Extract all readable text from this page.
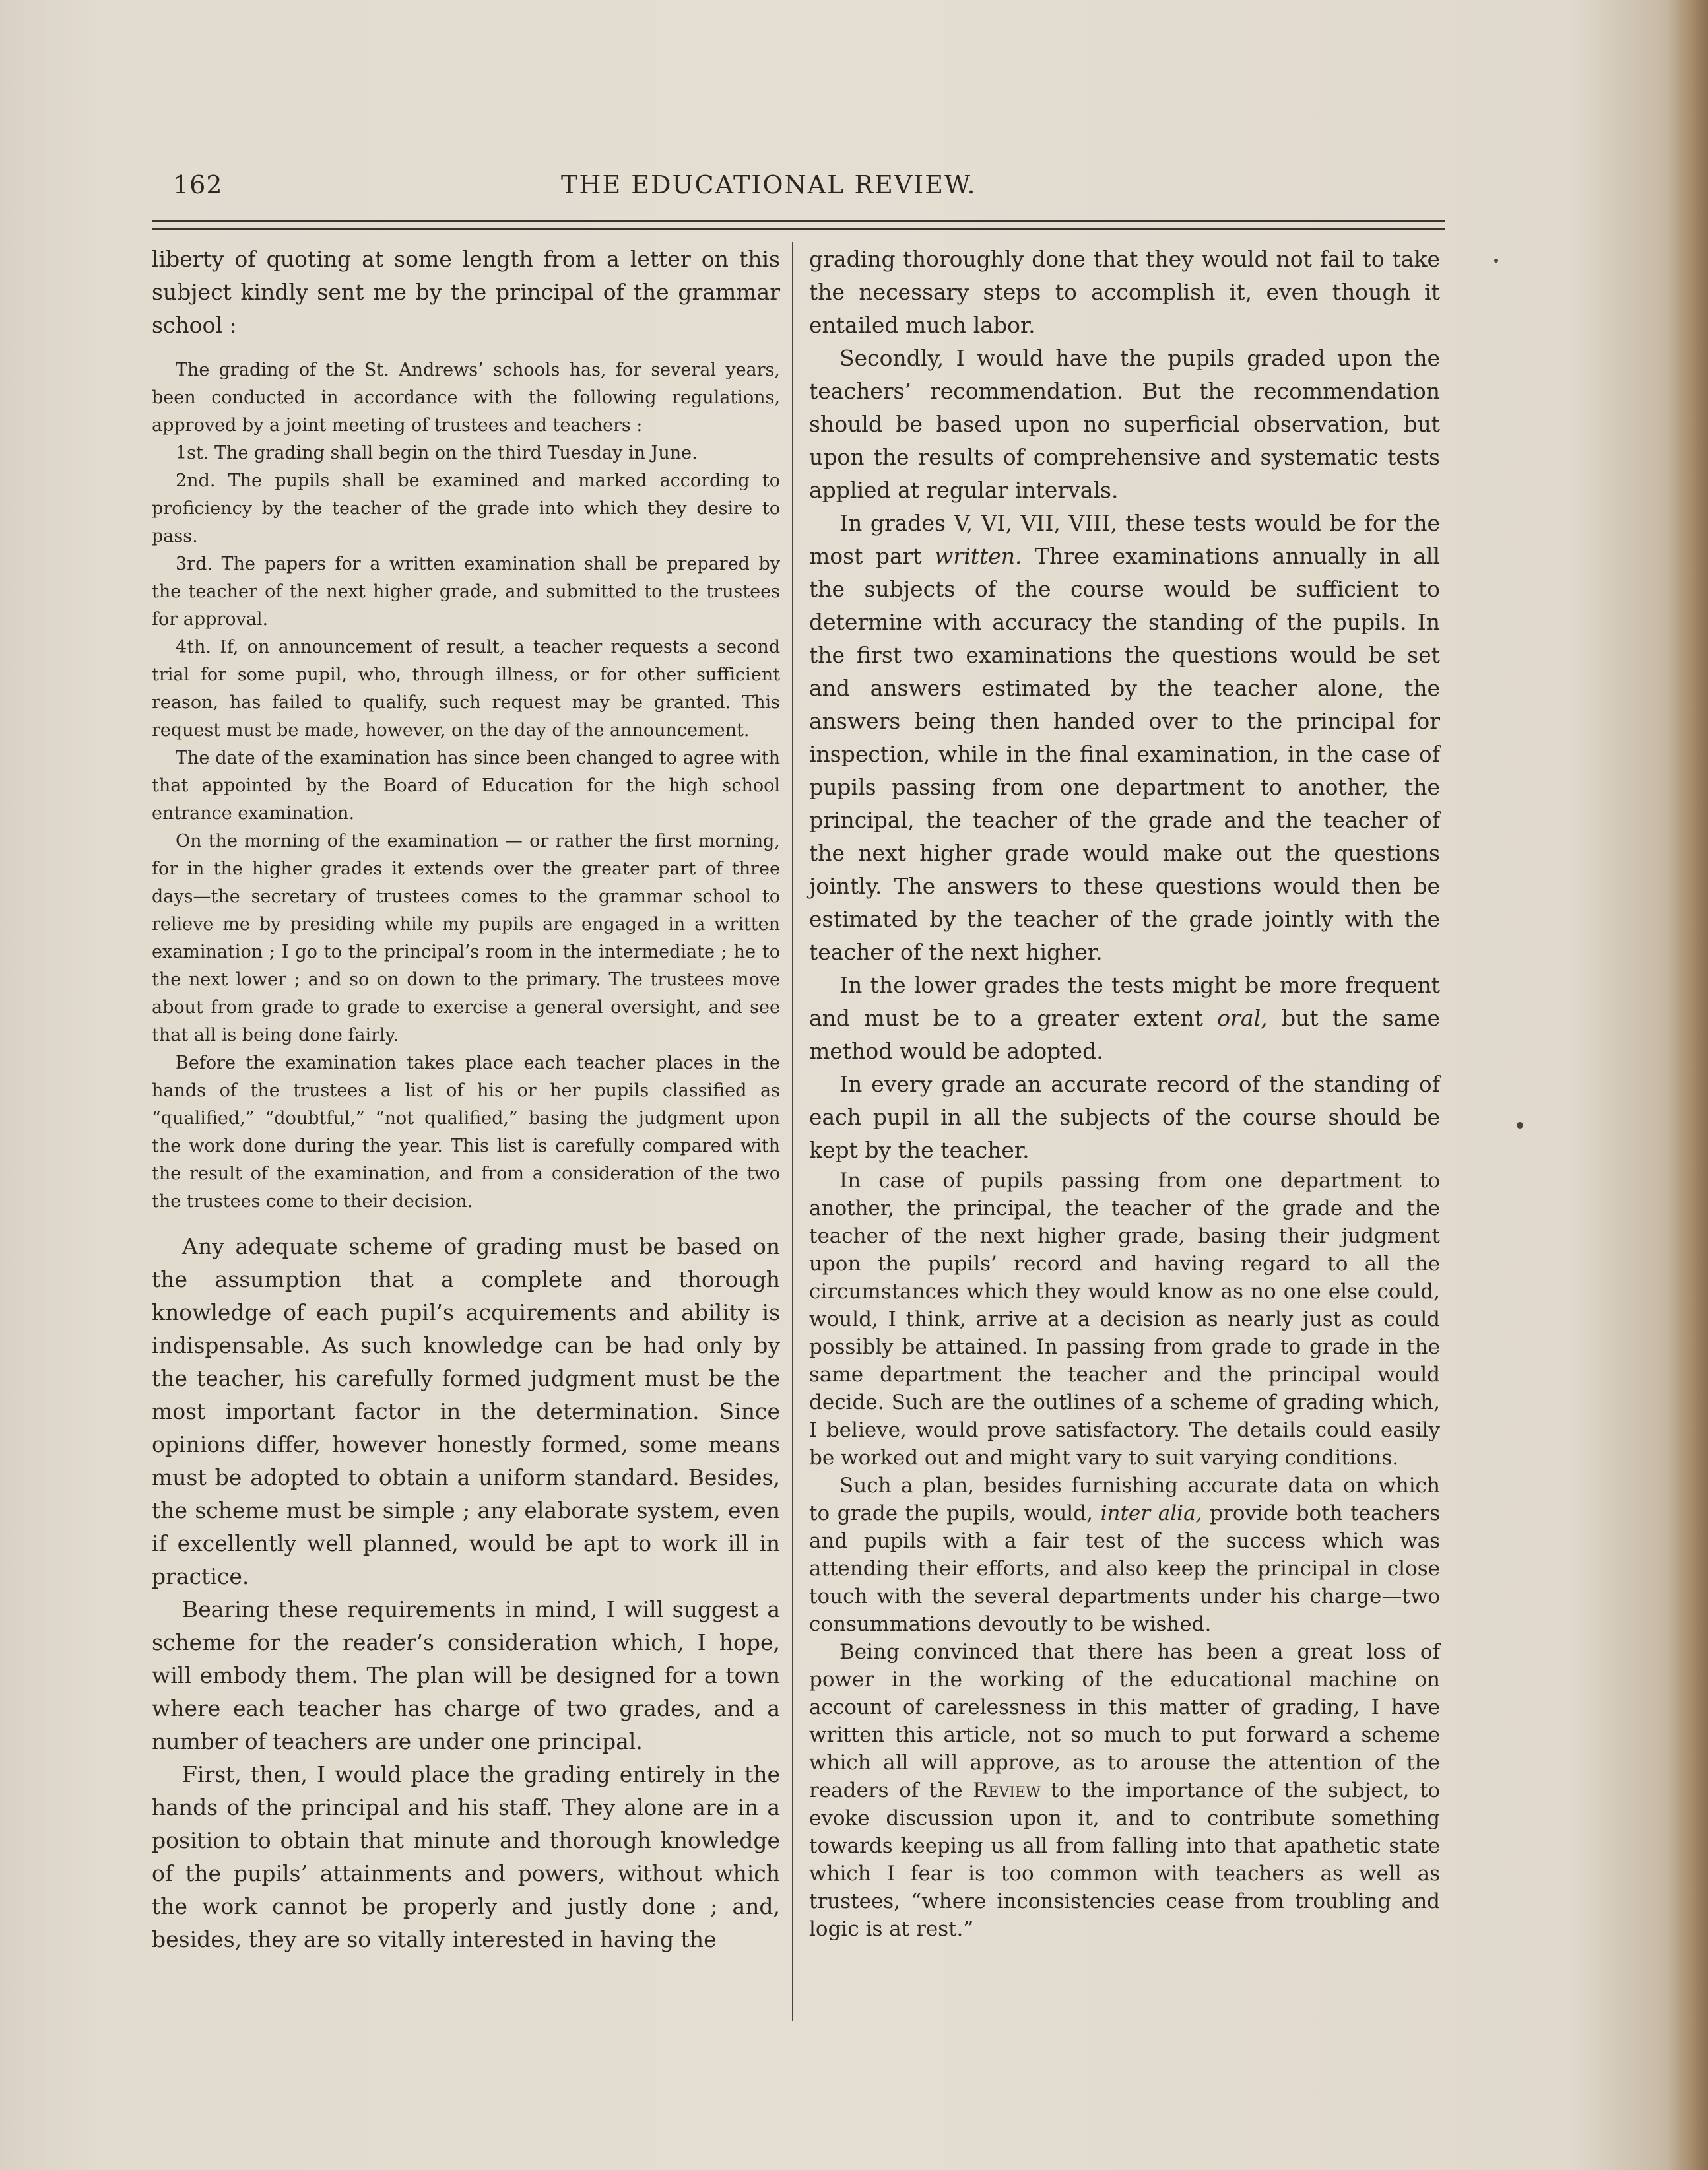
162	THE EDUCATIONAL REVIEW.

liberty of quoting at some length from a letter on this subject kindly sent me by the principal of the grammar school :

The grading of the St. Andrews’ schools has, for several years, been conducted in accordance with the following regulations, approved by a joint meeting of trustees and teachers :

1st. The grading shall begin on the third Tuesday in June.

2nd. The pupils shall be examined and marked according to proficiency by the teacher of the grade into which they desire to pass.

3rd. The papers for a written examination shall be prepared by the teacher of the next higher grade, and submitted to the trustees for approval.

4th. If, on announcement of result, a teacher requests a second trial for some pupil, who, through illness, or for other sufficient reason, has failed to qualify, such request may be granted. This request must be made, however, on the day of the announcement.

The date of the examination has since been changed to agree with that appointed by the Board of Education for the high school entrance examination.

On the morning of the examination — or rather the first morning, for in the higher grades it extends over the greater part of three days—the secretary of trustees comes to the grammar school to relieve me by presiding while my pupils are engaged in a written examination ; I go to the principal’s room in the intermediate ; he to the next lower ; and so on down to the primary. The trustees move about from grade to grade to exercise a general oversight, and see that all is being done fairly.

Before the examination takes place each teacher places in the hands of the trustees a list of his or her pupils classified as “qualified,” “doubtful,” “not qualified,” basing the judgment upon the work done during the year. This list is carefully compared with the result of the examination, and from a consideration of the two the trustees come to their decision.

Any adequate scheme of grading must be based on the assumption that a complete and thorough knowledge of each pupil’s acquirements and ability is indispensable. As such knowledge can be had only by the teacher, his carefully formed judgment must be the most important factor in the determination. Since opinions differ, however honestly formed, some means must be adopted to obtain a uniform standard. Besides, the scheme must be simple ; any elaborate system, even if excellently well planned, would be apt to work ill in practice.

Bearing these requirements in mind, I will suggest a scheme for the reader’s consideration which, I hope, will embody them. The plan will be designed for a town where each teacher has charge of two grades, and a number of teachers are under one principal.

First, then, I would place the grading entirely in the hands of the principal and his staff. They alone are in a position to obtain that minute and thorough knowledge of the pupils’ attainments and powers, without which the work cannot be properly and justly done ; and, besides, they are so vitally interested in having the

grading thoroughly done that they would not fail to take the necessary steps to accomplish it, even though it entailed much labor.

Secondly, I would have the pupils graded upon the teachers’ recommendation. But the recommendation should be based upon no superficial observation, but upon the results of comprehensive and systematic tests applied at regular intervals.

In grades V, VI, VII, VIII, these tests would be for the most part written. Three examinations annually in all the subjects of the course would be sufficient to determine with accuracy the standing of the pupils. In the first two examinations the questions would be set and answers estimated by the teacher alone, the answers being then handed over to the principal for inspection, while in the final examination, in the case of pupils passing from one department to another, the principal, the teacher of the grade and the teacher of the next higher grade would make out the questions jointly. The answers to these questions would then be estimated by the teacher of the grade jointly with the teacher of the next higher.

In the lower grades the tests might be more frequent and must be to a greater extent oral, but the same method would be adopted.

In every grade an accurate record of the standing of each pupil in all the subjects of the course should be kept by the teacher.

In case of pupils passing from one department to another, the principal, the teacher of the grade and the teacher of the next higher grade, basing their judgment upon the pupils’ record and having regard to all the circumstances which they would know as no one else could, would, I think, arrive at a decision as nearly just as could possibly be attained. In passing from grade to grade in the same department the teacher and the principal would decide. Such are the outlines of a scheme of grading which, I believe, would prove satisfactory. The details could easily be worked out and might vary to suit varying conditions.

Such a plan, besides furnishing accurate data on which to grade the pupils, would, inter alia, provide both teachers and pupils with a fair test of the success which was attending their efforts, and also keep the principal in close touch with the several departments under his charge—two consummations devoutly to be wished.

Being convinced that there has been a great loss of power in the working of the educational machine on account of carelessness in this matter of grading, I have written this article, not so much to put forward a scheme which all will approve, as to arouse the attention of the readers of the Review to the importance of the subject, to evoke discussion upon it, and to contribute something towards keeping us all from falling into that apathetic state which I fear is too common with teachers as well as trustees, “where inconsistencies cease from troubling and logic is at rest.”
